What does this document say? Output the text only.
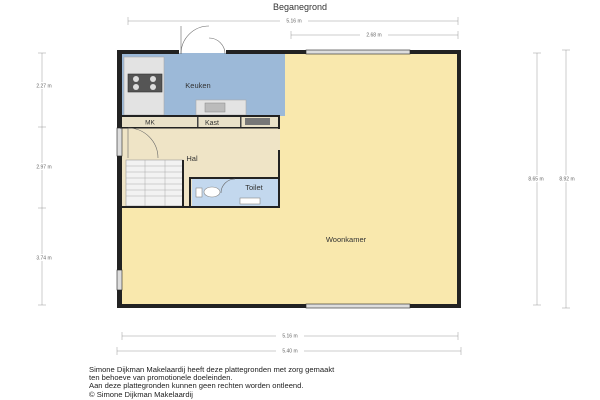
Beganegrond
5.16 m
2.68 m
2.27 m
2.97 m
3.74 m
8.65 m	8.92 m
5.16 m
5.40 m
Keuken
MK	Kast
Hal
Toilet
Woonkamer
Simone Dijkman Makelaardij heeft deze plattegronden met zorg gemaakt
ten behoeve van promotionele doeleinden.
Aan deze plattegronden kunnen geen rechten worden ontleend.
© Simone Dijkman Makelaardij
